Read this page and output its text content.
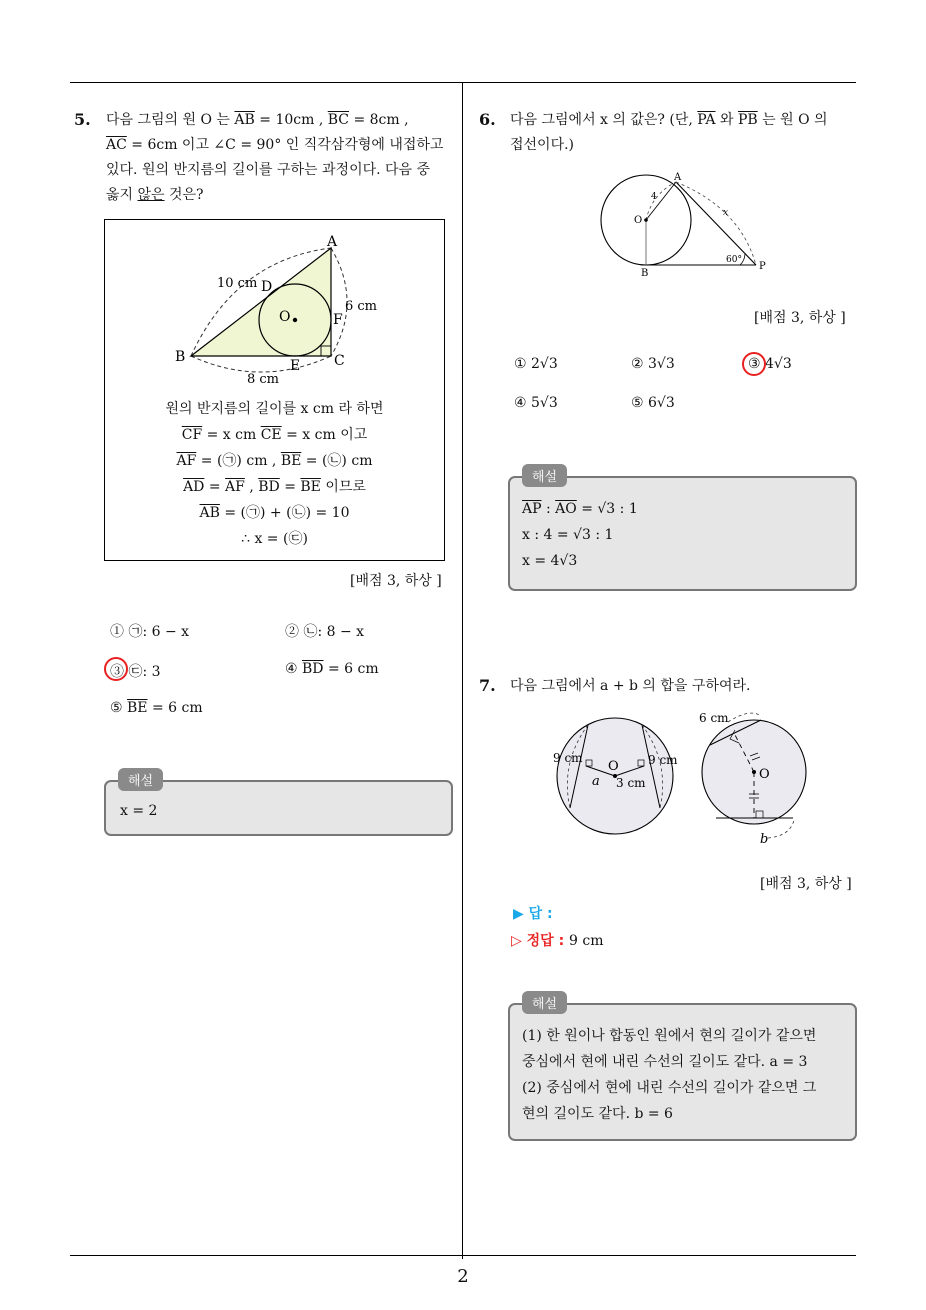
2
5. 다음 그림의 원 O 는 $\overline{AB} = 10cm$ , $\overline{BC} = 8cm$ ,
$\overline{AC} = 6cm$ 이고 ∠C = 90° 인 직각삼각형에 내접하고
있다. 원의 반지름의 길이를 구하는 과정이다. 다음 중
옳지 않은 것은?
A
B	C
D
E
F
O
10 cm
6 cm
8 cm
원의 반지름의 길이를 x cm 라 하면
$\overline{CF} = x$ cm $\overline{CE} = x$ cm 이고
$\overline{AF}$ = (㉠) cm , $\overline{BE}$ = (㉡) cm
$\overline{AD} = \overline{AF}$ , $\overline{BD} = \overline{BE}$ 이므로
$\overline{AB}$ = (㉠) + (㉡) = 10
∴ x = (㉢)
[배점 3, 하상 ]
① ㉠: 6 − x	② ㉡: 8 − x
③ ㉢: 3	④ $\overline{BD} = 6$ cm
⑤ $\overline{BE} = 6$ cm
x = 2
해설
6. 다음 그림에서 x 의 값은? (단, $\overline{PA}$ 와 $\overline{PB}$ 는 원 O 의
접선이다.)
A
O
B
P
4
x
60°
[배점 3, 하상 ]
① 2√3	② 3√3	③ 4√3
④ 5√3	⑤ 6√3
$\overline{AP}$ : $\overline{AO} = √3$ : 1
x : 4 = √3 : 1
x = 4√3
해설
7. 다음 그림에서 a + b 의 합을 구하여라.
9 cm	9 cm
3 cm
a
O
6 cm
O
b
[배점 3, 하상 ]
▶ 답 :
▷ 정답 : 9 cm
(1) 한 원이나 합동인 원에서 현의 길이가 같으면
중심에서 현에 내린 수선의 길이도 같다. a = 3
(2) 중심에서 현에 내린 수선의 길이가 같으면 그
현의 길이도 같다. b = 6
해설
